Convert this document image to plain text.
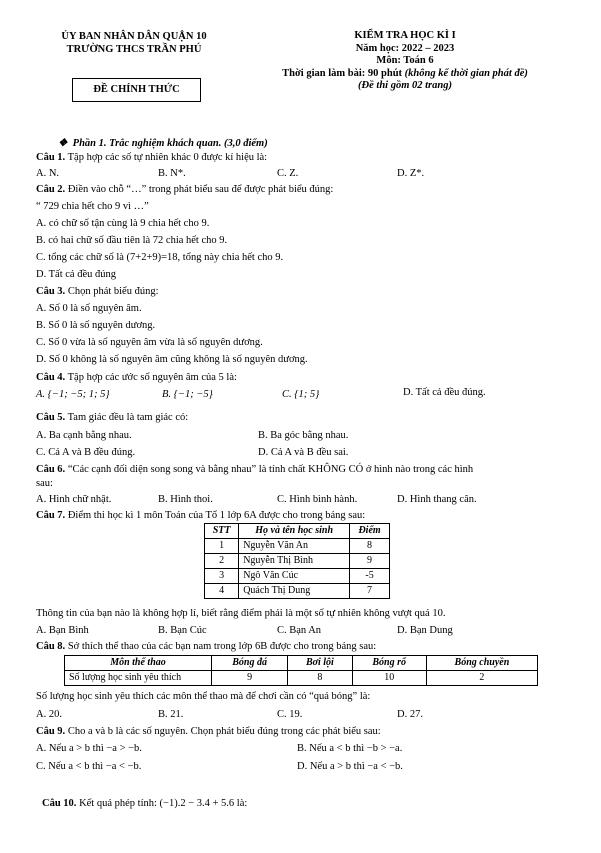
ỦY BAN NHÂN DÂN QUẬN 10
TRƯỜNG THCS TRẦN PHÚ
ĐỀ CHÍNH THỨC
KIỂM TRA HỌC KÌ I
Năm học: 2022 – 2023
Môn: Toán 6
Thời gian làm bài: 90 phút (không kể thời gian phát đề)
(Đề thi gồm 02 trang)
❖ Phần 1. Trắc nghiệm khách quan. (3,0 điểm)
Câu 1. Tập hợp các số tự nhiên khác 0 được kí hiệu là:
A. N.	B. N*.	C. Z.	D. Z*.
Câu 2. Điền vào chỗ “…” trong phát biểu sau để được phát biểu đúng:
“ 729 chia hết cho 9 vì …”
A. có chữ số tận cùng là 9 chia hết cho 9.
B. có hai chữ số đầu tiên là 72 chia hết cho 9.
C. tổng các chữ số là (7+2+9)=18, tổng này chia hết cho 9.
D. Tất cả đều đúng
Câu 3. Chọn phát biểu đúng:
A. Số 0 là số nguyên âm.
B. Số 0 là số nguyên dương.
C. Số 0 vừa là số nguyên âm vừa là số nguyên dương.
D. Số 0 không là số nguyên âm cũng không là số nguyên dương.
Câu 4. Tập hợp các ước số nguyên âm của 5 là:
A. {−1; −5; 1; 5}	B. {−1; −5}	C. {1; 5}	D. Tất cả đều đúng.
Câu 5. Tam giác đều là tam giác có:
A. Ba cạnh bằng nhau.	B. Ba góc bằng nhau.
C. Cả A và B đều đúng.	D. Cả A và B đều sai.
Câu 6. “Các cạnh đối diện song song và bằng nhau” là tính chất KHÔNG CÓ ở hình nào trong các hình
sau:
A. Hình chữ nhật.	B. Hình thoi.	C. Hình bình hành.	D. Hình thang cân.
Câu 7. Điểm thi học kì 1 môn Toán của Tổ 1 lớp 6A được cho trong bảng sau:
STT	Họ và tên học sinh	Điểm
1	Nguyễn Văn An	8
2	Nguyễn Thị Bình	9
3	Ngô Văn Cúc	-5
4	Quách Thị Dung	7
Thông tin của bạn nào là không hợp lí, biết rằng điểm phải là một số tự nhiên không vượt quá 10.
A. Bạn Bình	B. Bạn Cúc	C. Bạn An	D. Bạn Dung
Câu 8. Sở thích thể thao của các bạn nam trong lớp 6B được cho trong bảng sau:
Môn thể thao	Bóng đá	Bơi lội	Bóng rổ	Bóng chuyền
Số lượng học sinh yêu thích	9	8	10	2
Số lượng học sinh yêu thích các môn thể thao mà để chơi cần có “quả bóng” là:
A. 20.	B. 21.	C. 19.	D. 27.
Câu 9. Cho a và b là các số nguyên. Chọn phát biểu đúng trong các phát biểu sau:
A. Nếu a > b thì −a > −b.	B. Nếu a < b thì −b > −a.
C. Nếu a < b thì −a < −b.	D. Nếu a > b thì −a < −b.
Câu 10. Kết quả phép tính: (−1).2 − 3.4 + 5.6 là:
